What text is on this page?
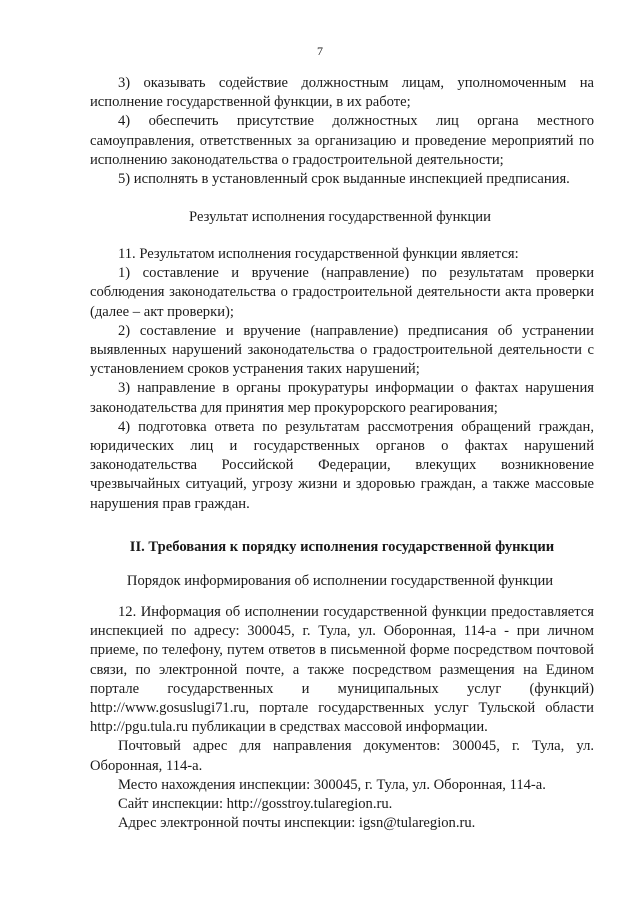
7

3) оказывать содействие должностным лицам, уполномоченным на исполнение государственной функции, в их работе;

4) обеспечить присутствие должностных лиц органа местного самоуправления, ответственных за организацию и проведение мероприятий по исполнению законодательства о градостроительной деятельности;

5) исполнять в установленный срок выданные инспекцией предписания.

Результат исполнения государственной функции

11. Результатом исполнения государственной функции является:

1) составление и вручение (направление) по результатам проверки соблюдения законодательства о градостроительной деятельности акта проверки (далее – акт проверки);

2) составление и вручение (направление) предписания об устранении выявленных нарушений законодательства о градостроительной деятельности с установлением сроков устранения таких нарушений;

3) направление в органы прокуратуры информации о фактах нарушения законодательства для принятия мер прокурорского реагирования;

4) подготовка ответа по результатам рассмотрения обращений граждан, юридических лиц и государственных органов о фактах нарушений законодательства Российской Федерации, влекущих возникновение чрезвычайных ситуаций, угрозу жизни и здоровью граждан, а также массовые нарушения прав граждан.

II. Требования к порядку исполнения государственной функции

Порядок информирования об исполнении государственной функции

12. Информация об исполнении государственной функции предоставляется инспекцией по адресу: 300045, г. Тула, ул. Оборонная, 114-а - при личном приеме, по телефону, путем ответов в письменной форме посредством почтовой связи, по электронной почте, а также посредством размещения на Едином портале государственных и муниципальных услуг (функций) http://www.gosuslugi71.ru, портале государственных услуг Тульской области http://pgu.tula.ru публикации в средствах массовой информации.

Почтовый адрес для направления документов: 300045, г. Тула, ул. Оборонная, 114-а.

Место нахождения инспекции: 300045, г. Тула, ул. Оборонная, 114-а.

Сайт инспекции: http://gosstroy.tularegion.ru.

Адрес электронной почты инспекции: igsn@tularegion.ru.
